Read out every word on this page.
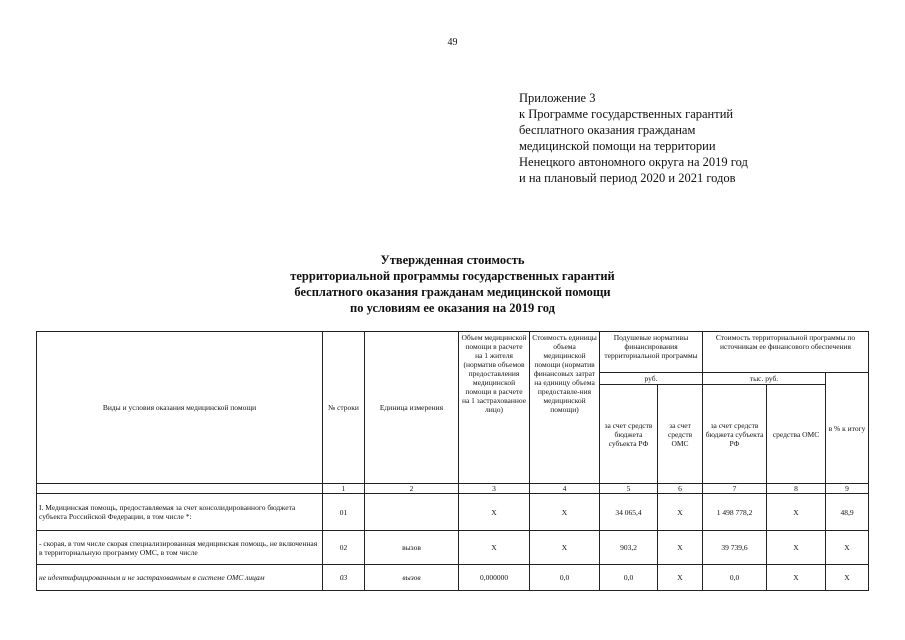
49
Приложение 3
к Программе государственных гарантий
бесплатного оказания гражданам
медицинской помощи на территории
Ненецкого автономного округа на 2019 год
и на плановый период 2020 и 2021 годов
Утвержденная стоимость
территориальной программы государственных гарантий
бесплатного оказания гражданам медицинской помощи
по условиям ее оказания на 2019 год
Виды и условия оказания медицинской помощи	№ строки	Единица измерения	Объем медицинской помощи в расчете на 1 жителя (норматив объемов предоставления медицинской помощи в расчете на 1 застрахованное лицо)	Стоимость единицы объема медицинской помощи (норматив финансовых затрат на единицу объема предоставле-ния медицинской помощи)	Подушевые нормативы финансирования территориальной программы		Стоимость территориальной программы по источникам ее финансового обеспечения		
					руб.		тыс. руб.		в % к итогу
					за счет средств бюджета субъекта РФ	за счет средств ОМС	за счет средств бюджета субъекта РФ	средства ОМС	
	1	2	3	4	5	6	7	8	9
I. Медицинская помощь, предоставляемая за счет консолидированного бюджета субъекта Российской Федерации, в том числе *:	01		X	X	34 065,4	X	1 498 778,2	X	48,9
- скорая, в том числе скорая специализированная медицинская помощь, не включенная в территориальную программу ОМС, в том числе	02	вызов	X	X	903,2	X	39 739,6	X	X
не идентифицированным и не застрахованным в системе ОМС лицам	03	вызов	0,000000	0,0	0,0	X	0,0	X	X
